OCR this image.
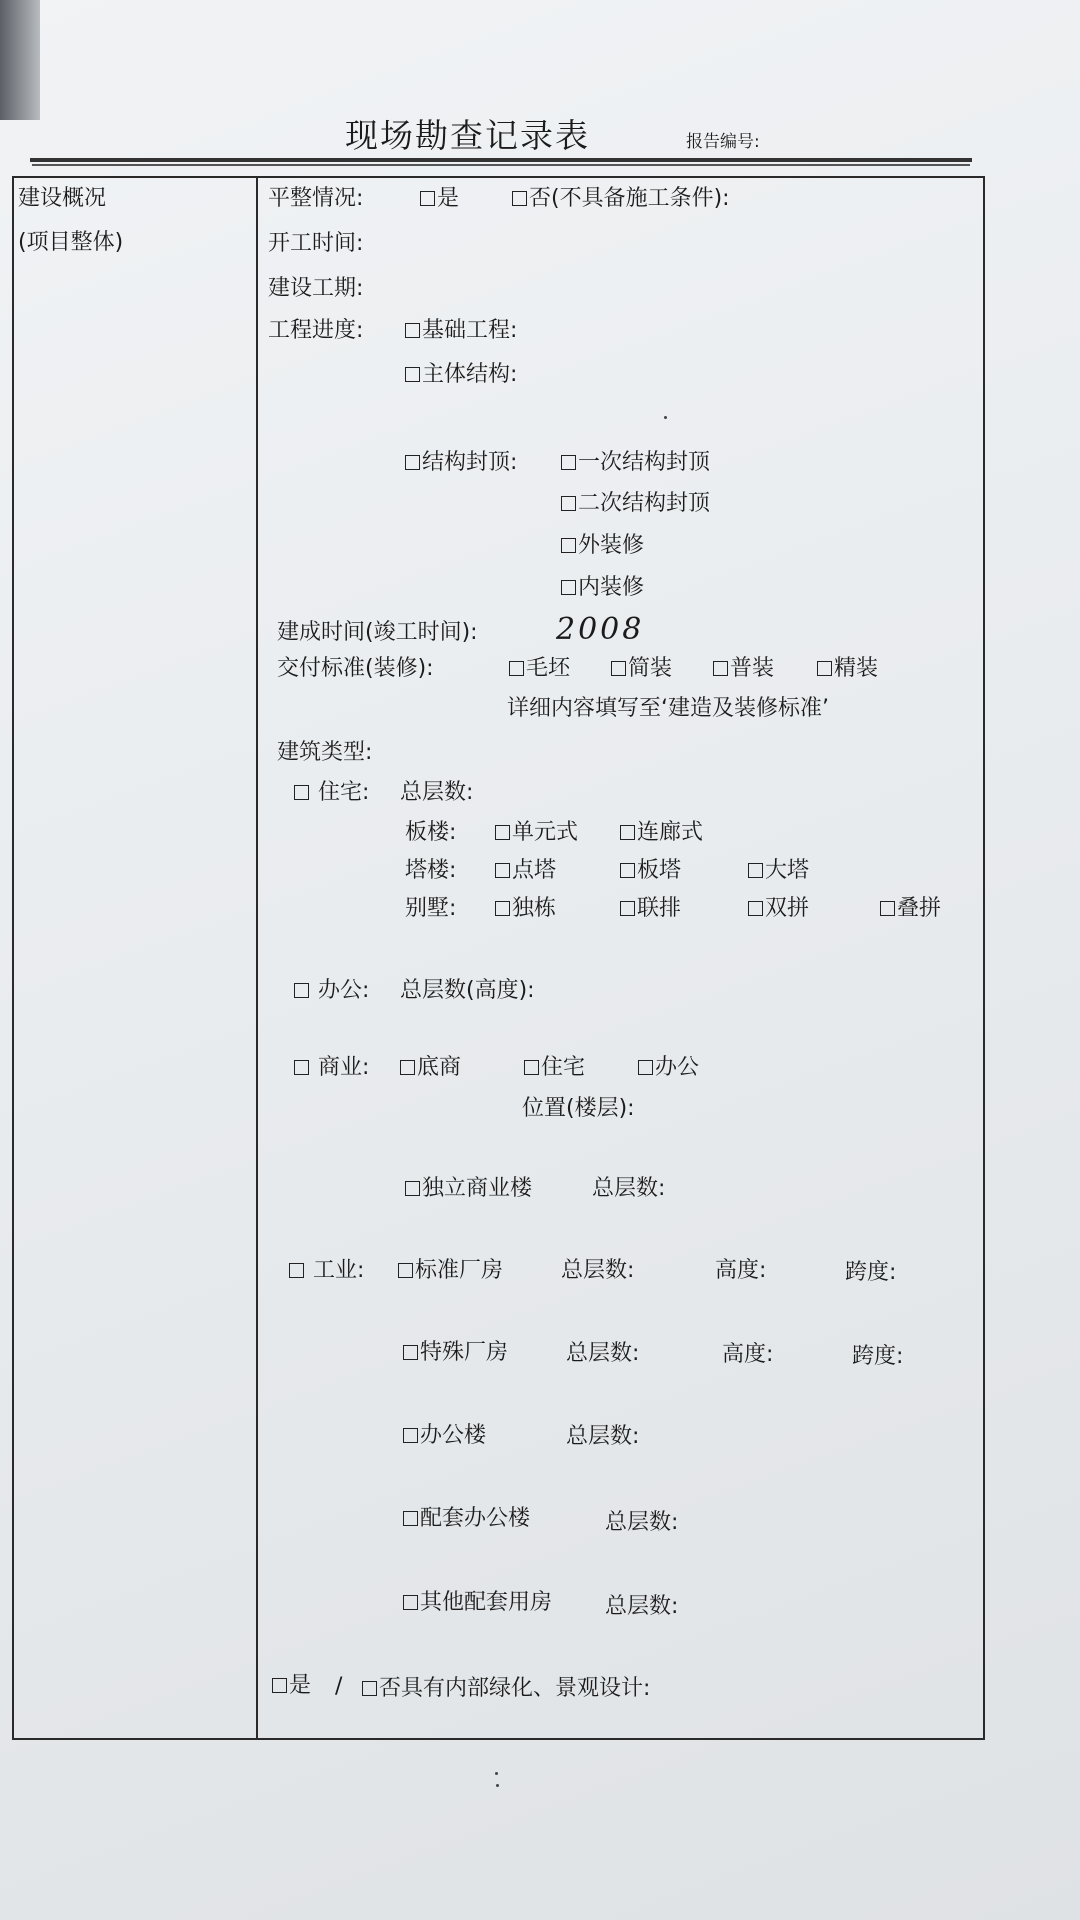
现场勘查记录表	报告编号:
建设概况
(项目整体)
平整情况:	是	否(不具备施工条件):
开工时间:
建设工期:
工程进度:	基础工程:
主体结构:
结构封顶:	一次结构封顶
二次结构封顶
外装修
内装修
建成时间(竣工时间):	2008
交付标准(装修):	毛坯	简装	普装	精装
详细内容填写至‘建造及装修标准’
建筑类型:
住宅: 总层数:
板楼:	单元式	连廊式
塔楼:	点塔	板塔	大塔
别墅:	独栋	联排	双拼	叠拼
办公: 总层数(高度):
商业:	底商	住宅	办公
位置(楼层):
独立商业楼	总层数:
工业:	标准厂房	总层数:	高度:	跨度:
特殊厂房	总层数:	高度:	跨度:
办公楼	总层数:
配套办公楼	总层数:
其他配套用房 总层数:
是 /	否具有内部绿化、景观设计:
